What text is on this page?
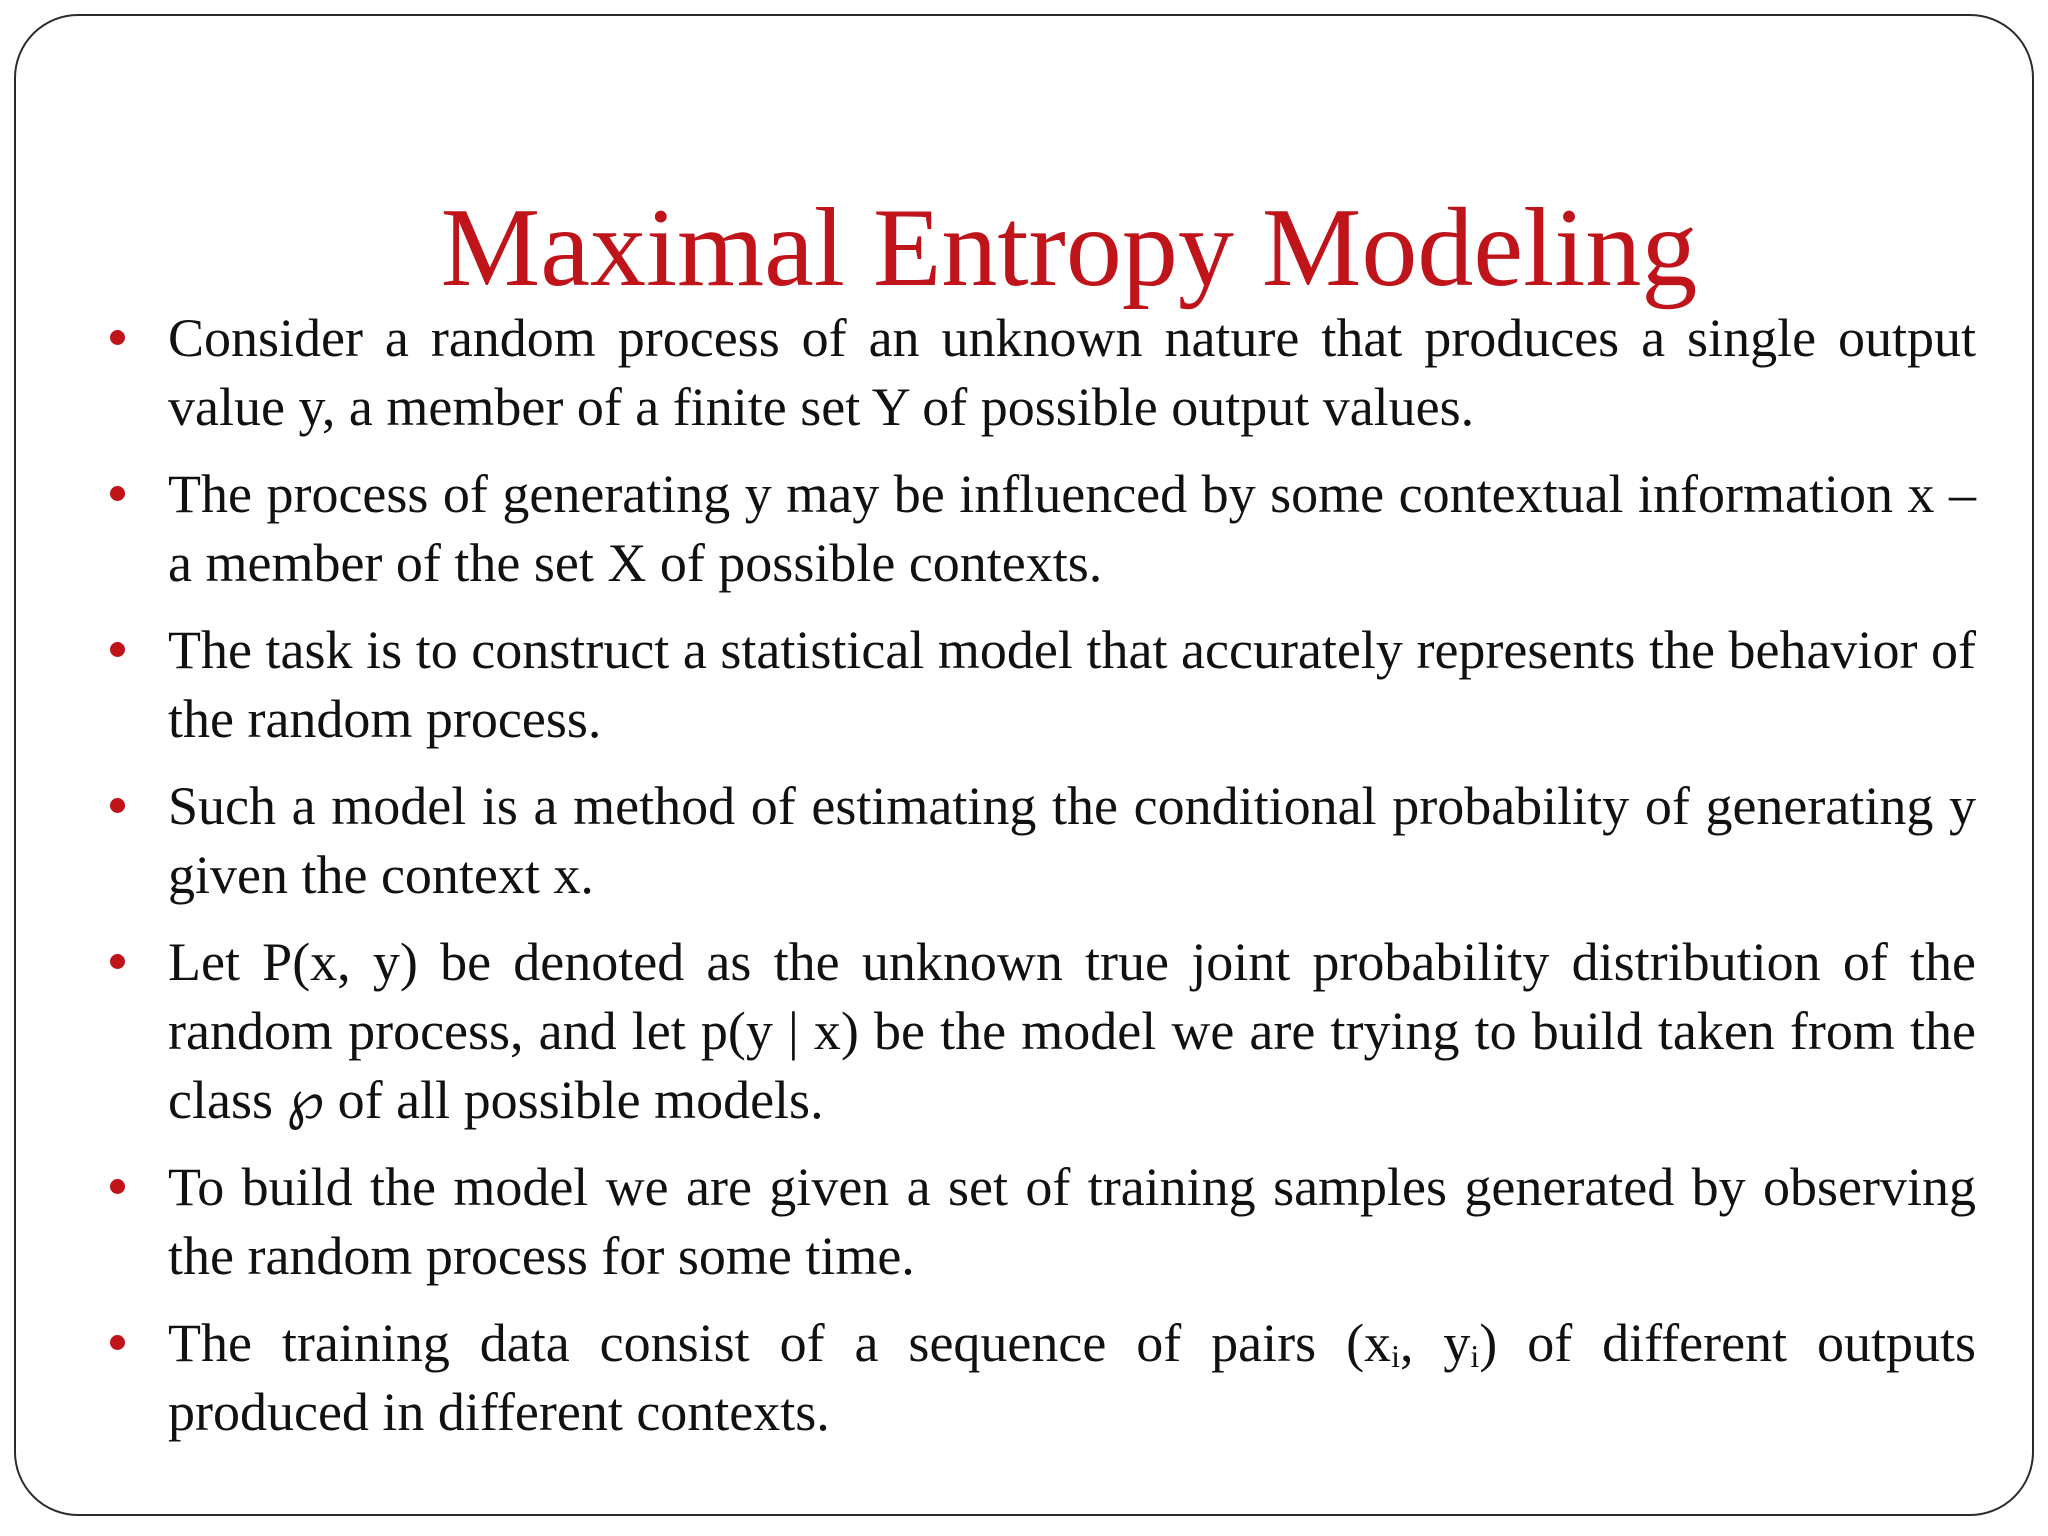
Maximal Entropy Modeling
Consider a random process of an unknown nature that produces a single output value y, a member of a finite set Y of possible output values.
The process of generating y may be influenced by some contextual information x – a member of the set X of possible contexts.
The task is to construct a statistical model that accurately represents the behavior of the random process.
Such a model is a method of estimating the conditional probability of generating y given the context x.
Let P(x, y) be denoted as the unknown true joint probability distribution of the random process, and let p(y | x) be the model we are trying to build taken from the class ℘ of all possible models.
To build the model we are given a set of training samples generated by observing the random process for some time.
The training data consist of a sequence of pairs ($x_i$, $y_i$) of different outputs produced in different contexts.
